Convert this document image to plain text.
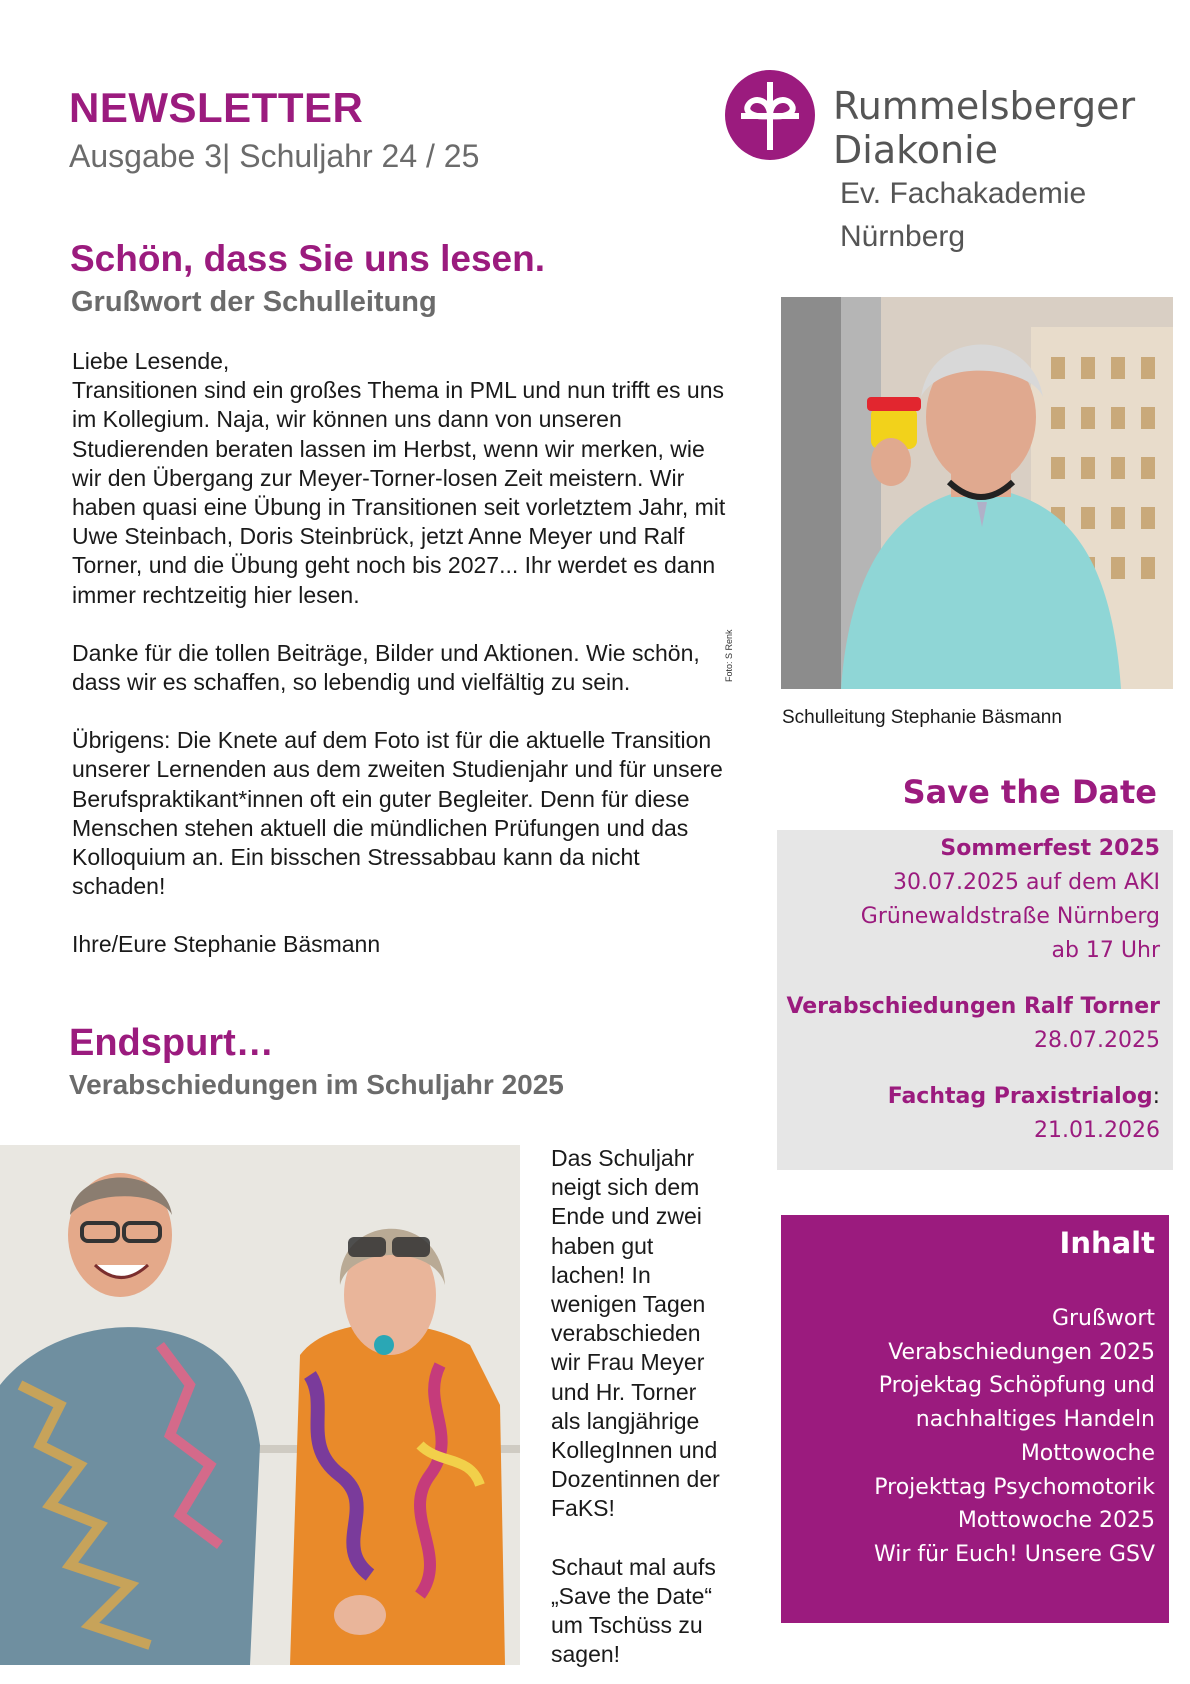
NEWSLETTER
Ausgabe 3| Schuljahr 24 / 25
Rummelsberger
Diakonie
Ev. Fachakademie
Nürnberg
Schön, dass Sie uns lesen.
Grußwort der Schulleitung

Liebe Lesende,

Transitionen sind ein großes Thema in PML und nun trifft es uns im Kollegium. Naja, wir können uns dann von unseren Studierenden beraten lassen im Herbst, wenn wir merken, wie wir den Übergang zur Meyer-Torner-losen Zeit meistern. Wir haben quasi eine Übung in Transitionen seit vorletztem Jahr, mit Uwe Steinbach, Doris Steinbrück, jetzt Anne Meyer und Ralf Torner, und die Übung geht noch bis 2027... Ihr werdet es dann immer rechtzeitig hier lesen.

Danke für die tollen Beiträge, Bilder und Aktionen. Wie schön, dass wir es schaffen, so lebendig und vielfältig zu sein.

Übrigens: Die Knete auf dem Foto ist für die aktuelle Transition unserer Lernenden aus dem zweiten Studienjahr und für unsere Berufspraktikant*innen oft ein guter Begleiter. Denn für diese Menschen stehen aktuell die mündlichen Prüfungen und das Kolloquium an. Ein bisschen Stressabbau kann da nicht schaden!

Ihre/Eure Stephanie Bäsmann

Foto: S Renk
Schulleitung Stephanie Bäsmann
Save the Date
Sommerfest 2025
30.07.2025 auf dem AKI
Grünewaldstraße Nürnberg
ab 17 Uhr
Verabschiedungen Ralf Torner
28.07.2025
Fachtag Praxistrialog:
21.01.2026
Inhalt
Grußwort
Verabschiedungen 2025
Projektag Schöpfung und
nachhaltiges Handeln
Mottowoche
Projekttag Psychomotorik
Mottowoche 2025
Wir für Euch! Unsere GSV
Endspurt…
Verabschiedungen im Schuljahr 2025

Das Schuljahr neigt sich dem Ende und zwei haben gut lachen! In wenigen Tagen verabschieden wir Frau Meyer und Hr. Torner als langjährige KollegInnen und Dozentinnen der FaKS!

Schaut mal aufs „Save the Date“ um Tschüss zu sagen!
